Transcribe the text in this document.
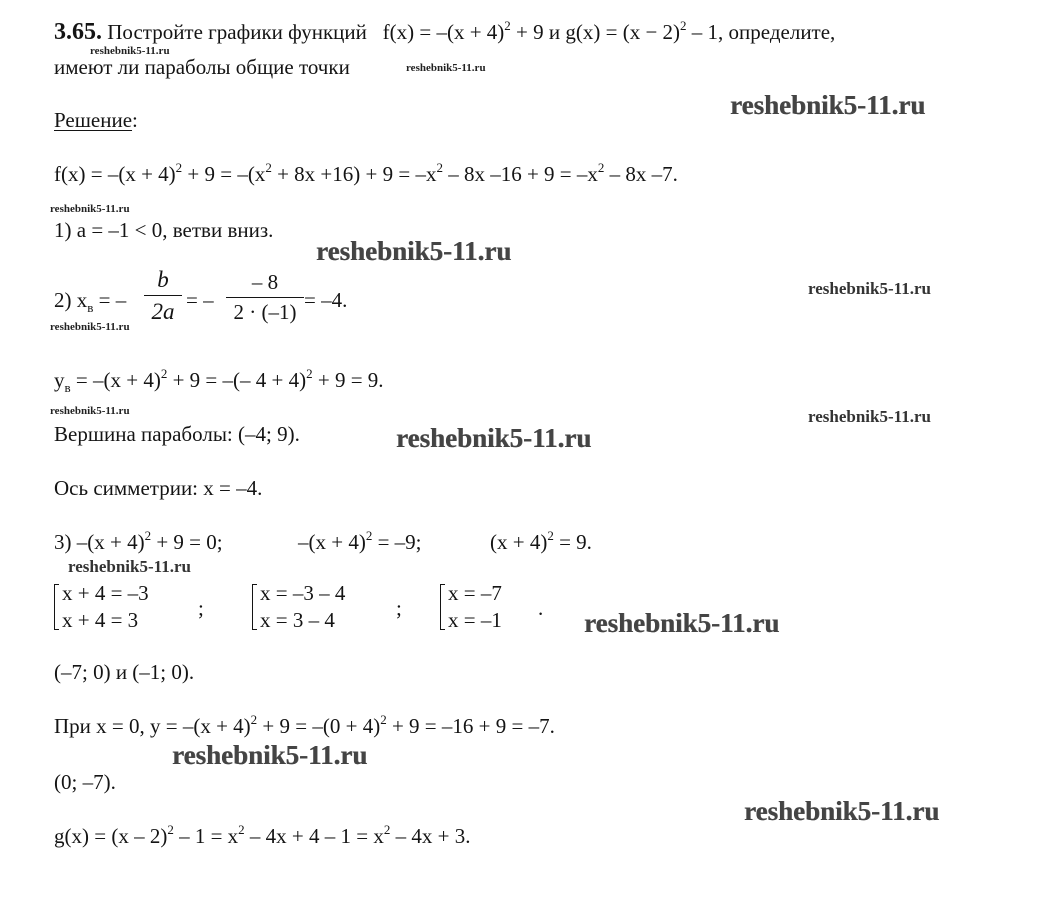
3.65. Постройте графики функций $f(x) = -(x + 4)^2 + 9$ и $g(x) = (x - 2)^2 - 1$, определите,
имеют ли параболы общие точки	reshebnik5-11.ru
reshebnik5-11.ru
reshebnik5-11.ru
Решение:
$f(x) = -(x + 4)^2 + 9 = -(x^2 + 8x +16) + 9 = -x^2 - 8x$ $-16 + 9 = -x^2 - 8x$ –7.
reshebnik5-11.ru
1) a = –1 < 0, ветви вниз.
reshebnik5-11.ru
2) $x_в$ = –
b
2a = –
– 8
2 · (–1) = –4.
reshebnik5-11.ru
reshebnik5-11.ru
$y_в = -(x + 4)^2 + 9$ = –(– 4 + 4)$^2$ + 9 = 9.
reshebnik5-11.ru	reshebnik5-11.ru
Вершина параболы: (–4; 9).	reshebnik5-11.ru
Ось симметрии: x = –4.
3) $-(x + 4)^2 + 9 = 0$;	$-(x + 4)^2 = -9$;	$(x + 4)^2 = 9$.
reshebnik5-11.ru
x + 4 = –3
x + 4 = 3	;
x = –3 – 4
x = 3 – 4	;
x = –7
x = –1 . reshebnik5-11.ru
(–7; 0) и (–1; 0).
При x = 0, $y = -(x + 4)^2 + 9 = -(0 + 4)^2 + 9 = -16 + 9 = -7$.
reshebnik5-11.ru
(0; –7).
reshebnik5-11.ru
$g(x) = (x - 2)^2 - 1 = x^2 - 4x + 4 - 1 = x^2 - 4x + 3$.
